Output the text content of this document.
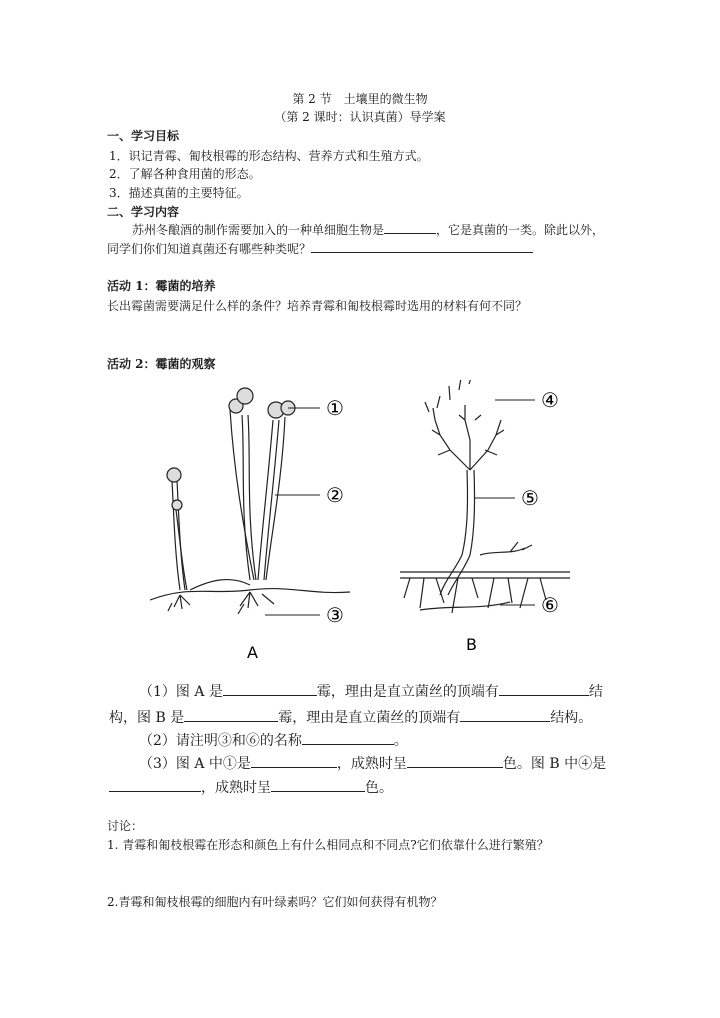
第 2 节　土壤里的微生物
（第 2 课时：认识真菌）导学案
一、学习目标
1．识记青霉、匍枝根霉的形态结构、营养方式和生殖方式。
2．了解各种食用菌的形态。
3．描述真菌的主要特征。
二、学习内容
苏州冬酿酒的制作需要加入的一种单细胞生物是	，它是真菌的一类。除此以外，
同学们你们知道真菌还有哪些种类呢？
活动 1：霉菌的培养
长出霉菌需要满足什么样的条件？培养青霉和匍枝根霉时选用的材料有何不同？
活动 2：霉菌的观察
①
②
③
A
④
⑤
⑥
B
（1）图 A 是	霉，理由是直立菌丝的顶端有	结
构，图 B 是	霉，理由是直立菌丝的顶端有	结构。
（2）请注明③和⑥的名称	。
（3）图 A 中①是	，成熟时呈	色。图 B 中④是
，成熟时呈	色。
讨论：
1. 青霉和匍枝根霉在形态和颜色上有什么相同点和不同点?它们依靠什么进行繁殖？
2.青霉和匍枝根霉的细胞内有叶绿素吗？它们如何获得有机物？
